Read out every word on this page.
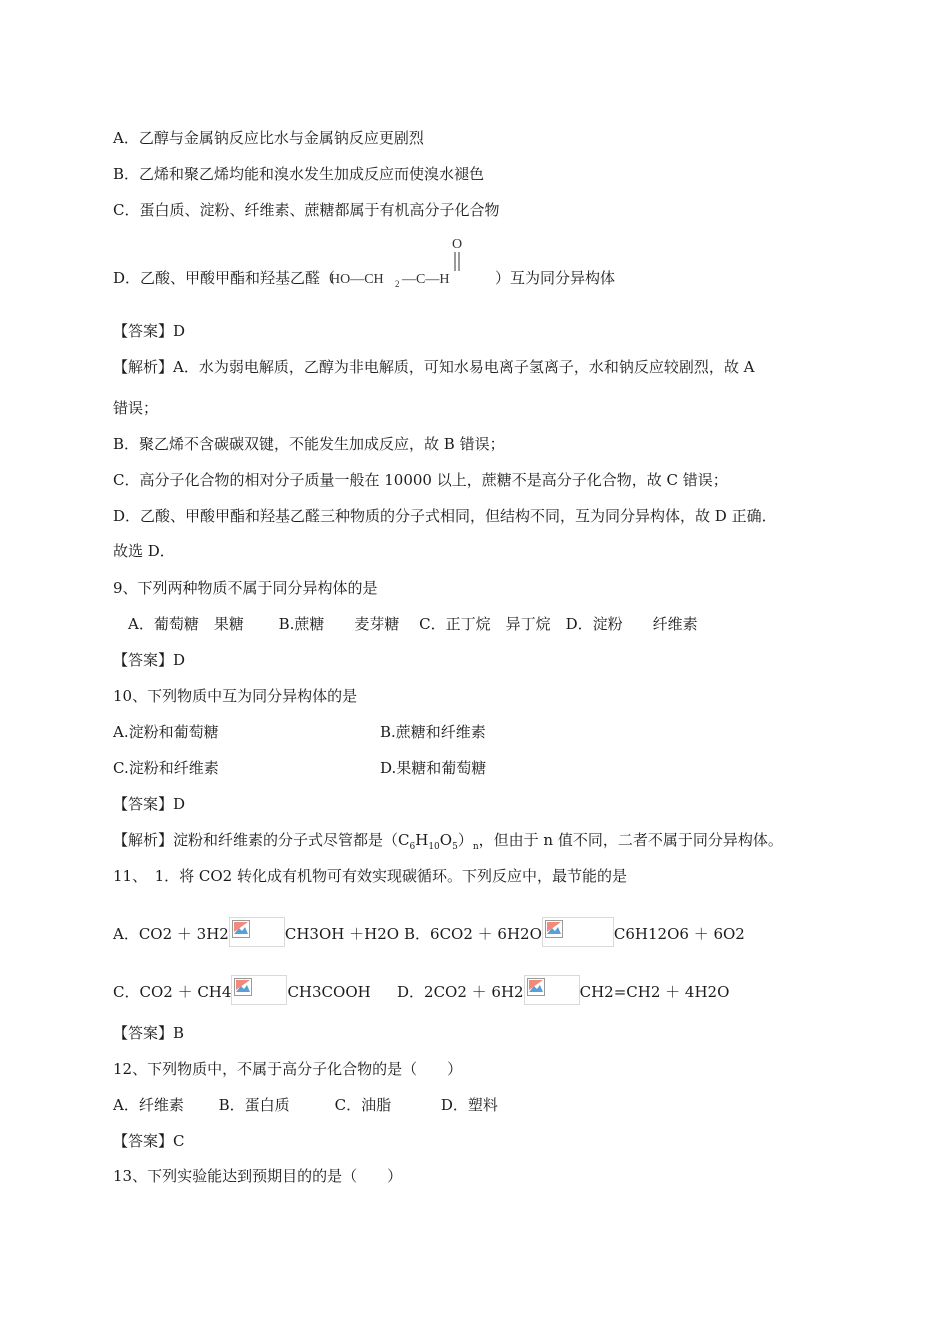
A．乙醇与金属钠反应比水与金属钠反应更剧烈
B．乙烯和聚乙烯均能和溴水发生加成反应而使溴水褪色
C．蛋白质、淀粉、纤维素、蔗糖都属于有机高分子化合物
D．乙酸、甲酸甲酯和羟基乙醛（	）互为同分异构体
O
HO—CH 2 —C—H
【答案】D
【解析】A．水为弱电解质，乙醇为非电解质，可知水易电离子氢离子，水和钠反应较剧烈，故 A
错误；
B．聚乙烯不含碳碳双键，不能发生加成反应，故 B 错误；
C．高分子化合物的相对分子质量一般在 10000 以上，蔗糖不是高分子化合物，故 C 错误；
D．乙酸、甲酸甲酯和羟基乙醛三种物质的分子式相同，但结构不同，互为同分异构体，故 D 正确．
故选 D．
9、下列两种物质不属于同分异构体的是
A．葡萄糖　果糖　　 B.蔗糖　　麦芽糖　 C．正丁烷　异丁烷　D．淀粉　　纤维素
【答案】D
10、下列物质中互为同分异构体的是
A.淀粉和葡萄糖	B.蔗糖和纤维素
C.淀粉和纤维素	D.果糖和葡萄糖
【答案】D
【解析】淀粉和纤维素的分子式尽管都是$(C_6H_{10}O_5)_n$，但由于 n 值不同，二者不属于同分异构体。
11、　1．将 CO2 转化成有机物可有效实现碳循环。下列反应中，最节能的是
A．CO2 ＋ 3H2	CH3OH ＋H2O B．6CO2 ＋ 6H2O	C6H12O6 ＋ 6O2
C．CO2 ＋ CH4	CH3COOH D．2CO2 ＋ 6H2	CH2=CH2 ＋ 4H2O
【答案】B
12、下列物质中，不属于高分子化合物的是（　　）
A．纤维素　　 B．蛋白质　　　C．油脂　　　 D．塑料
【答案】C
13、下列实验能达到预期目的的是（　　）
